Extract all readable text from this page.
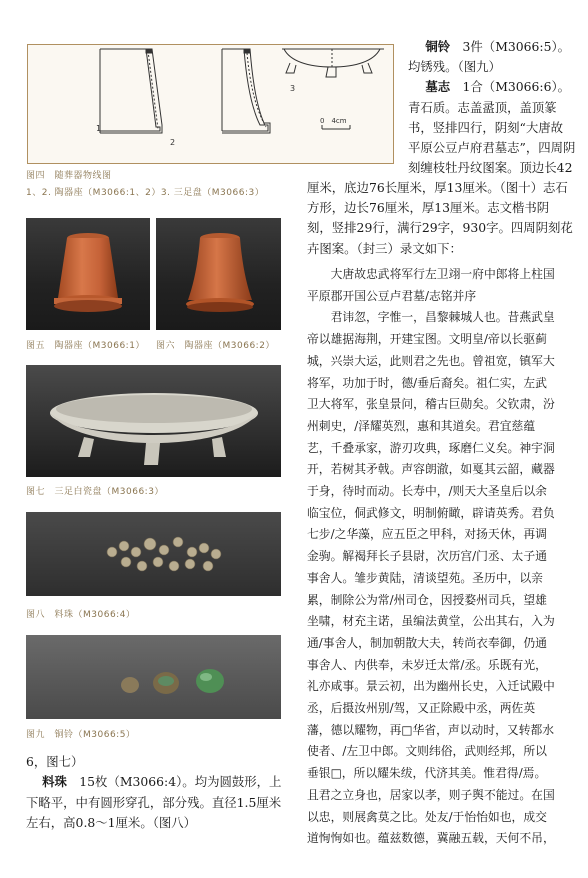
1
2
3
0　4cm
图四　随葬器物线图
1、2. 陶器座（M3066:1、2）3. 三足盘（M3066:3）
图五　陶器座（M3066:1） 图六　陶器座（M3066:2）
图七　三足白瓷盘（M3066:3）
图八　料珠（M3066:4）
图九　铜铃（M3066:5）

6，图七）

料珠　15枚（M3066:4）。均为圆鼓形，上

下略平，中有圆形穿孔，部分残。直径1.5厘米

左右，高0.8～1厘米。（图八）

铜铃　3件（M3066:5）。

均锈残。（图九）

墓志　1合（M3066:6）。

青石质。志盖盝顶，盖顶篆

书，竖排四行，阴刻“大唐故

平原公豆卢府君墓志”，四周阴

刻缠枝牡丹纹图案。顶边长42

厘米，底边76长厘米，厚13厘米。（图十）志石

方形，边长76厘米，厚13厘米。志文楷书阴

刻，竖排29行，满行29字，930字。四周阴刻花

卉图案。（封三）录文如下：

大唐故忠武将军行左卫翊一府中郎将上柱国

平原郡开国公豆卢君墓/志铭并序

君讳忽，字惟一，昌黎棘城人也。昔燕武皇

帝以雄据海荆，开建宝图。文明皇/帝以长驱蓟

城，兴崇大运，此则君之先也。曾祖宽，镇军大

将军，功加于时，德/垂后裔矣。祖仁实，左武

卫大将军，张皇景问，稽古巨勋矣。父钦肃，汾

州刺史，/泽耀英烈，惠和其道矣。君宜慈蕴

艺，千叠承家，游刃攻典，琢磨仁义矣。神宇洞

开，若树其矛戟。声容朗澈，如戛其云韶，藏器

于身，待时而动。长寿中，/则天大圣皇后以余

临宝位，侗武修文，明制俯瞰，辟请英秀。君负

七步/之华藻，应五臣之甲科，对扬天休，再调

金驹。解褐拜长子县尉，次历宫/门丞、太子通

事舍人。雏步黄陆，清谈望苑。圣历中，以亲

累，制除公为常/州司仓，因授婺州司兵，望雄

坐啸，材充主诺，虽编法黄堂，公出其右，入为

通/事舍人，制加朝散大夫，转尚衣奉御，仍通

事舍人、内供奉，未岁迁太常/丞。乐既有光，

礼亦咸事。景云初，出为幽州长史，入迁试殿中

丞，后摄汝州别/驾，又正除殿中丞，两佐英

藩，德以耀物，再□华省，声以动时，又转都水

使者、/左卫中郎。文则纬俗，武则经邦，所以

垂银□，所以耀朱绂，代济其美。惟君得/焉。

且君之立身也，居家以孝，则子舆不能过。在国

以忠，则展禽莫之比。处友/于怡怡如也，成交

道恂恂如也。蕴兹数德，冀融五载，天何不吊，
